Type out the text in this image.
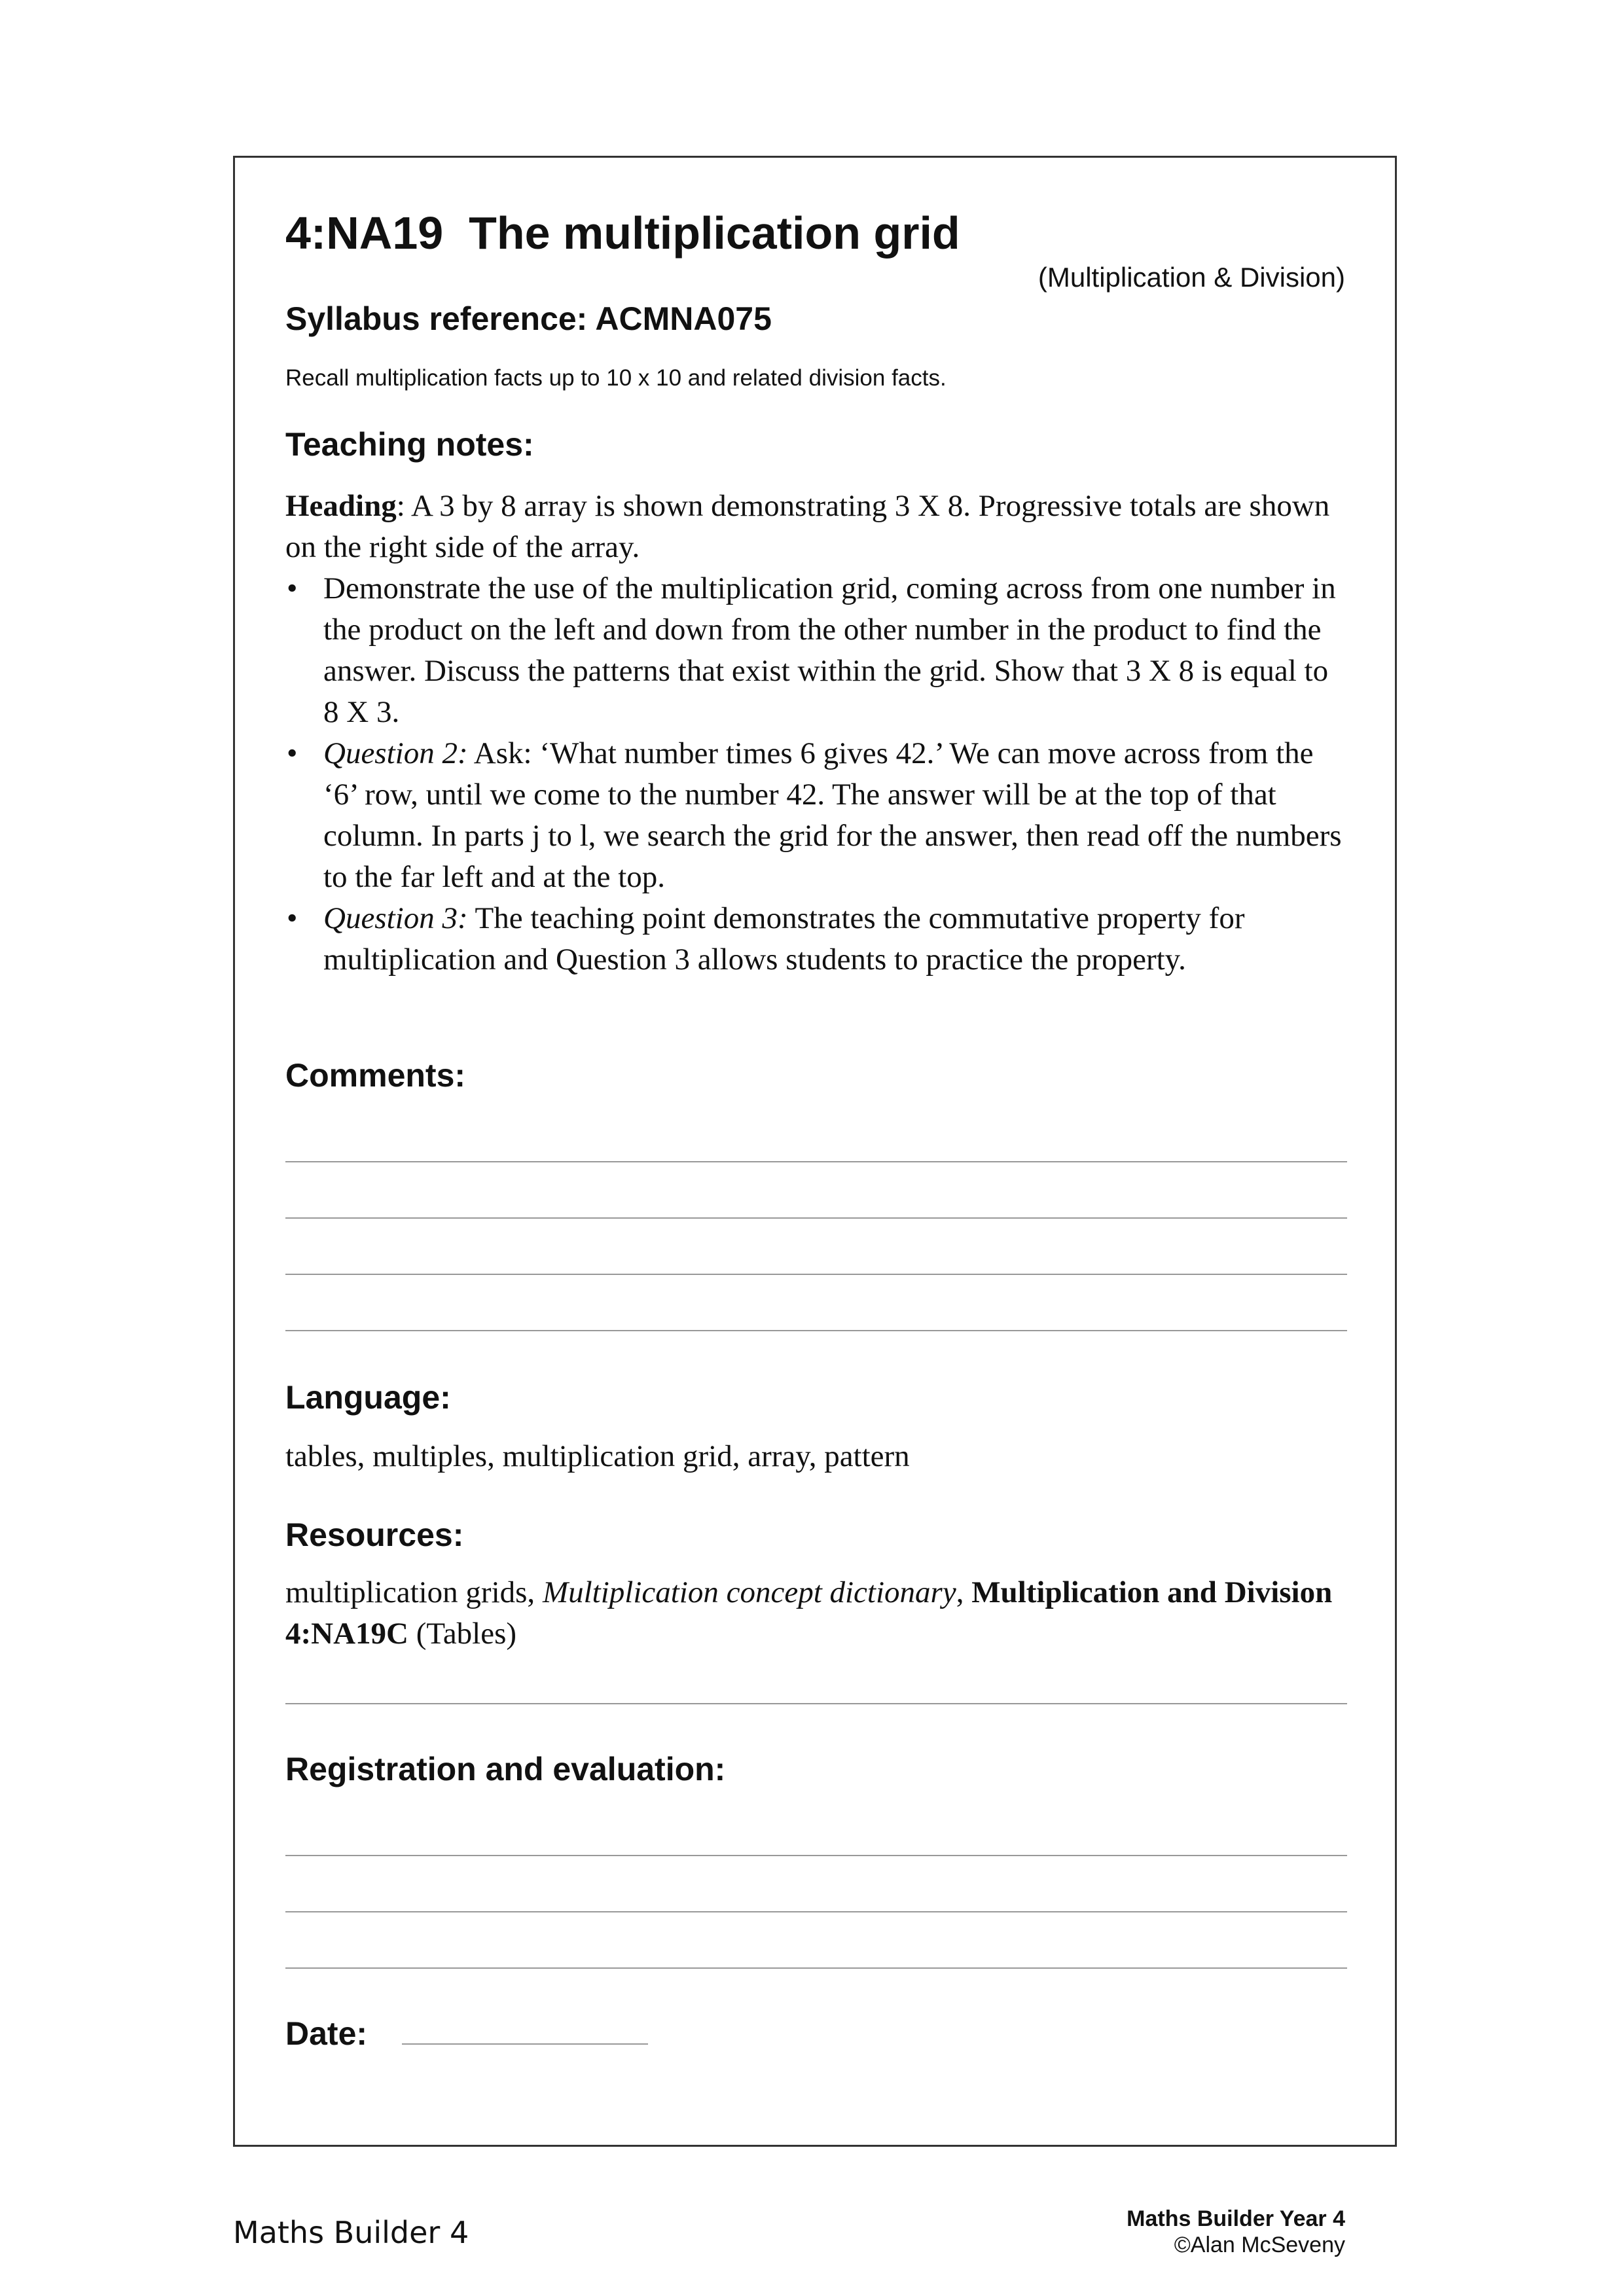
4:NA19  The multiplication grid
(Multiplication & Division)
Syllabus reference: ACMNA075
Recall multiplication facts up to 10 x 10 and related division facts.
Teaching notes:

Heading: A 3 by 8 array is shown demonstrating 3 X 8. Progressive totals are shown on the right side of the array.

• Demonstrate the use of the multiplication grid, coming across from one number in the product on the left and down from the other number in the product to find the answer. Discuss the patterns that exist within the grid. Show that 3 X 8 is equal to 8 X 3.
• Question 2: Ask: ‘What number times 6 gives 42.’ We can move across from the ‘6’ row, until we come to the number 42. The answer will be at the top of that column. In parts j to l, we search the grid for the answer, then read off the numbers to the far left and at the top.
• Question 3: The teaching point demonstrates the commutative property for multiplication and Question 3 allows students to practice the property.
Comments:
Language:
tables, multiples, multiplication grid, array, pattern
Resources:
multiplication grids, Multiplication concept dictionary, Multiplication and Division 4:NA19C (Tables)
Registration and evaluation:
Date:
Maths Builder 4	Maths Builder Year 4
©Alan McSeveny
